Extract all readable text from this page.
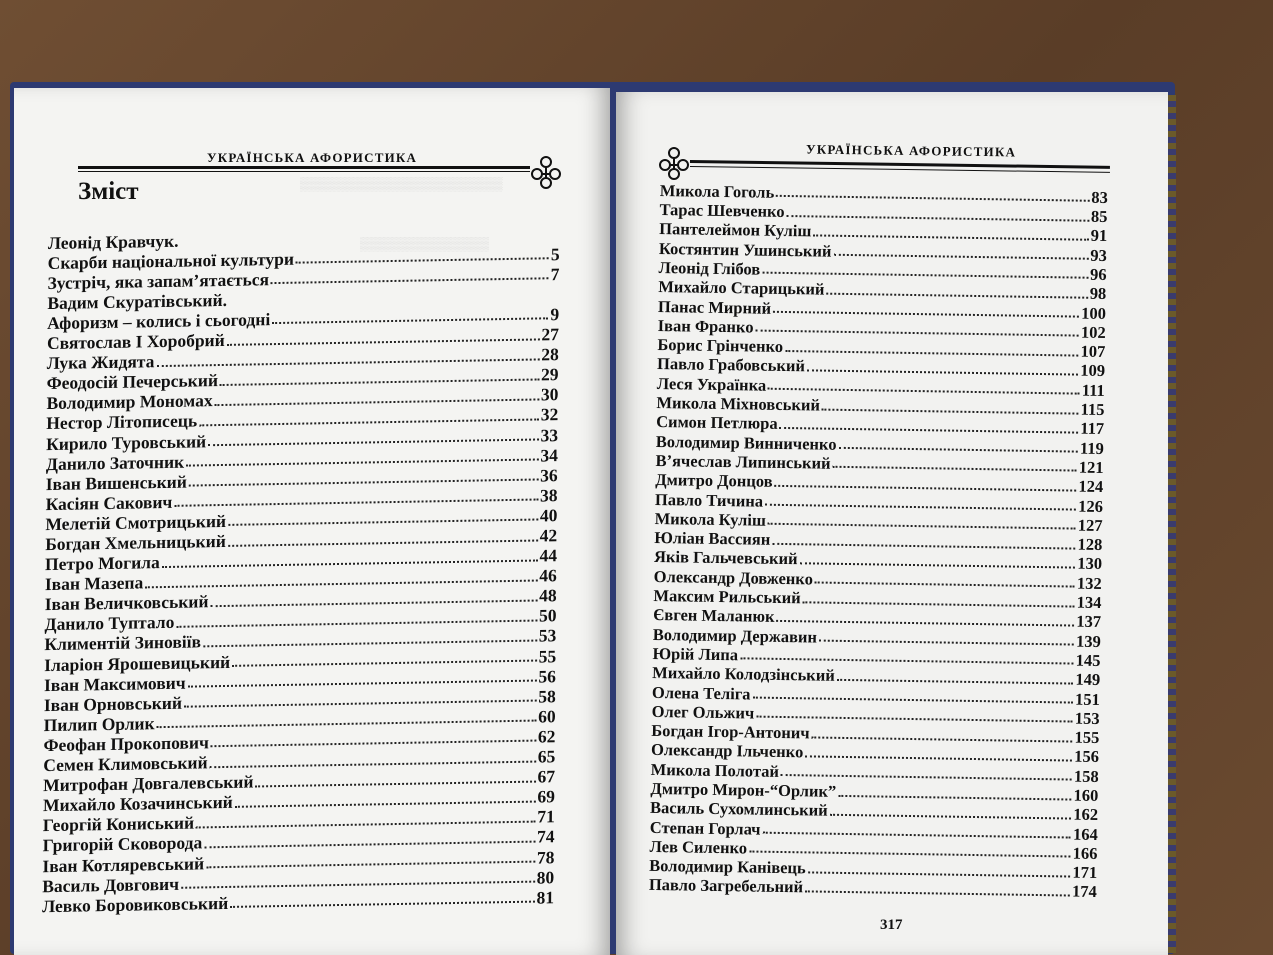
▒▒▒▒▒▒▒▒▒▒▒▒▒▒▒▒▒▒▒▒▒▒
▒▒▒▒▒▒▒▒▒▒▒▒▒▒
УКРАЇНСЬКА АФОРИСТИКА
Зміст
Леонід Кравчук.
Скарби національної культури	5
Зустріч, яка запам’ятається	7
Вадим Скуратівський.
Афоризм – колись і сьогодні	9
Святослав І Хоробрий	27
Лука Жидята	28
Феодосій Печерський	29
Володимир Мономах	30
Нестор Літописець	32
Кирило Туровський	33
Данило Заточник	34
Іван Вишенський	36
Касіян Сакович	38
Мелетій Смотрицький	40
Богдан Хмельницький	42
Петро Могила	44
Іван Мазепа	46
Іван Величковський	48
Данило Туптало	50
Климентій Зиновіїв	53
Іларіон Ярошевицький	55
Іван Максимович	56
Іван Орновський	58
Пилип Орлик	60
Феофан Прокопович	62
Семен Климовський	65
Митрофан Довгалевський	67
Михайло Козачинський	69
Георгій Кониський	71
Григорій Сковорода	74
Іван Котляревський	78
Василь Довгович	80
Левко Боровиковський	81
УКРАЇНСЬКА АФОРИСТИКА
Микола Гоголь	83
Тарас Шевченко	85
Пантелеймон Куліш	91
Костянтин Ушинський	93
Леонід Глібов	96
Михайло Старицький	98
Панас Мирний	100
Іван Франко	102
Борис Грінченко	107
Павло Грабовський	109
Леся Українка	111
Микола Міхновський	115
Симон Петлюра	117
Володимир Винниченко	119
В’ячеслав Липинський	121
Дмитро Донцов	124
Павло Тичина	126
Микола Куліш	127
Юліан Вассиян	128
Яків Гальчевський	130
Олександр Довженко	132
Максим Рильський	134
Євген Маланюк	137
Володимир Державин	139
Юрій Липа	145
Михайло Колодзінський	149
Олена Теліга	151
Олег Ольжич	153
Богдан Ігор-Антонич	155
Олександр Ільченко	156
Микола Полотай	158
Дмитро Мирон-“Орлик”	160
Василь Сухомлинський	162
Степан Горлач	164
Лев Силенко	166
Володимир Канівець	171
Павло Загребельний	174
317
